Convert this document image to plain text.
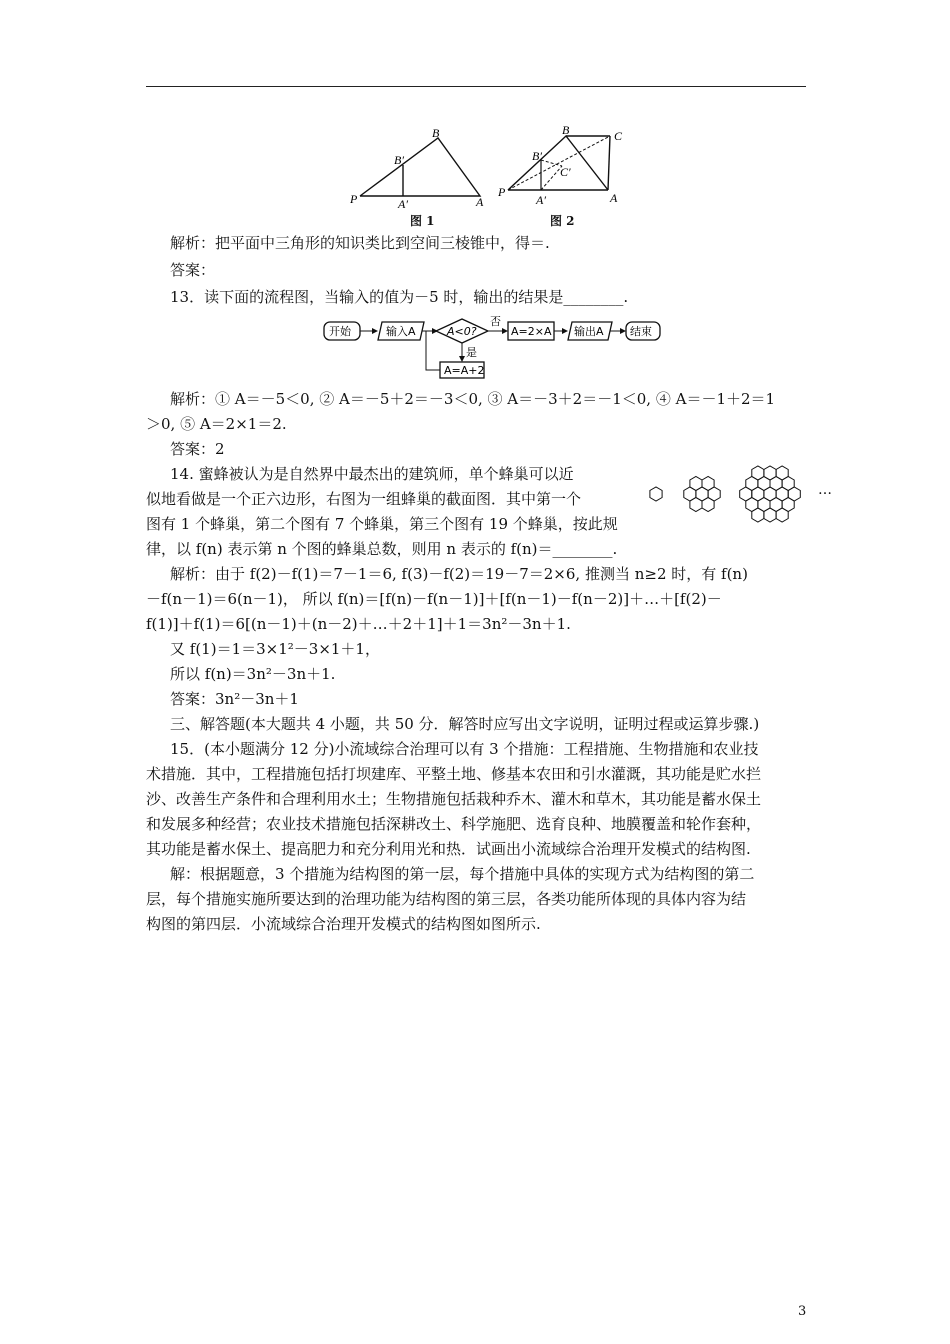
B
B′
P	A′	A
图 1
B	C
B′
C′
P
A′	A
图 2
解析：把平面中三角形的知识类比到空间三棱锥中，得＝.
答案：
13．读下面的流程图，当输入的值为－5 时，输出的结果是________.
开始	输入A	A<0?
否
A=2×A 输出A 结束
是
A=A+2
解析：① A＝－5＜0, ② A＝－5＋2＝－3＜0, ③ A＝－3＋2＝－1＜0, ④ A＝－1＋2＝1
＞0, ⑤ A＝2×1＝2.
答案：2
14. 蜜蜂被认为是自然界中最杰出的建筑师，单个蜂巢可以近
似地看做是一个正六边形，右图为一组蜂巢的截面图．其中第一个
图有 1 个蜂巢，第二个图有 7 个蜂巢，第三个图有 19 个蜂巢，按此规
律，以 f(n) 表示第 n 个图的蜂巢总数，则用 n 表示的 f(n)＝________.
…
解析：由于 f(2)－f(1)＝7－1＝6, f(3)－f(2)＝19－7＝2×6, 推测当 n≥2 时，有 f(n)
－f(n－1)＝6(n－1)， 所以 f(n)＝[f(n)－f(n－1)]＋[f(n－1)－f(n－2)]＋…＋[f(2)－
f(1)]＋f(1)＝6[(n－1)＋(n－2)＋…＋2＋1]＋1＝3n²－3n＋1.
又 f(1)＝1＝3×1²－3×1＋1，
所以 f(n)＝3n²－3n＋1.
答案：3n²－3n＋1
三、解答题(本大题共 4 小题，共 50 分．解答时应写出文字说明，证明过程或运算步骤.)
15．(本小题满分 12 分)小流域综合治理可以有 3 个措施：工程措施、生物措施和农业技
术措施．其中，工程措施包括打坝建库、平整土地、修基本农田和引水灌溉，其功能是贮水拦
沙、改善生产条件和合理利用水土；生物措施包括栽种乔木、灌木和草木，其功能是蓄水保土
和发展多种经营；农业技术措施包括深耕改土、科学施肥、选育良种、地膜覆盖和轮作套种，
其功能是蓄水保土、提高肥力和充分利用光和热．试画出小流域综合治理开发模式的结构图.
解：根据题意，3 个措施为结构图的第一层，每个措施中具体的实现方式为结构图的第二
层，每个措施实施所要达到的治理功能为结构图的第三层，各类功能所体现的具体内容为结
构图的第四层．小流域综合治理开发模式的结构图如图所示.
3
